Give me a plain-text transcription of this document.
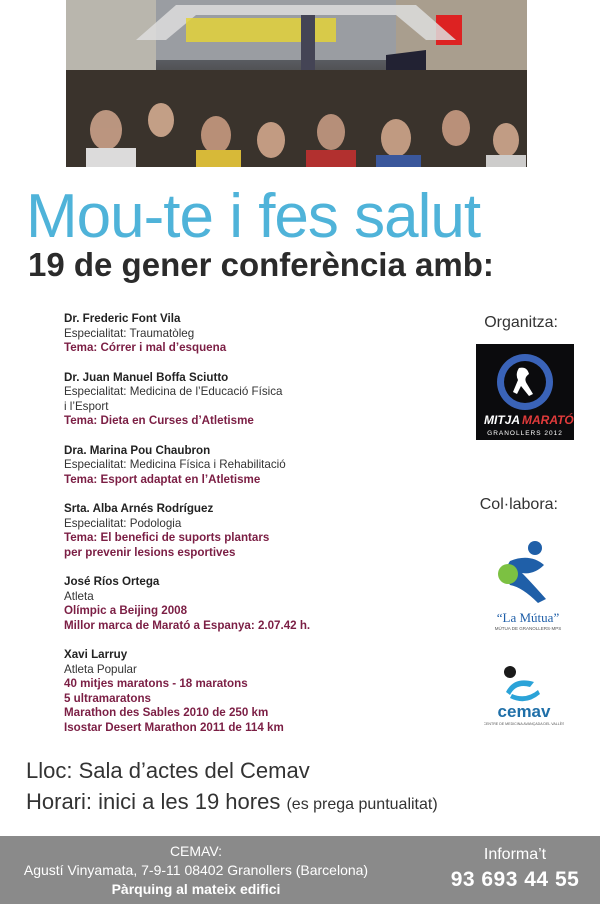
Mou-te i fes salut
19 de gener conferència amb:
Dr. Frederic Font Vila
Especialitat: Traumatòleg
Tema: Córrer i mal d’esquena
Dr. Juan Manuel Boffa Sciutto
Especialitat: Medicina de l’Educació Física
i l’Esport
Tema: Dieta en Curses d’Atletisme
Dra. Marina Pou Chaubron
Especialitat: Medicina Física i Rehabilitació
Tema: Esport adaptat en l’Atletisme
Srta. Alba Arnés Rodríguez
Especialitat: Podologia
Tema: El benefici de suports plantars
per prevenir lesions esportives
José Ríos Ortega
Atleta
Olímpic a Beijing 2008
Millor marca de Marató a Espanya: 2.07.42 h.
Xavi Larruy
Atleta Popular
40 mitjes maratons - 18 maratons
5 ultramaratons
Marathon des Sables 2010 de 250 km
Isostar Desert Marathon 2011 de 114 km
Organitza:
MITJA MARATÓ
GRANOLLERS 2012
Col·labora:
“La Mútua”
MÚTUA DE GRANOLLERS·MPS
cemav
CENTRE DE MEDICINA AVANÇADA DEL VALLÈS
Lloc: Sala d’actes del Cemav
Horari: inici a les 19 hores (es prega puntualitat)
CEMAV:
Agustí Vinyamata, 7-9-11 08402 Granollers (Barcelona)
Pàrquing al mateix edifici
Informa’t
93 693 44 55
